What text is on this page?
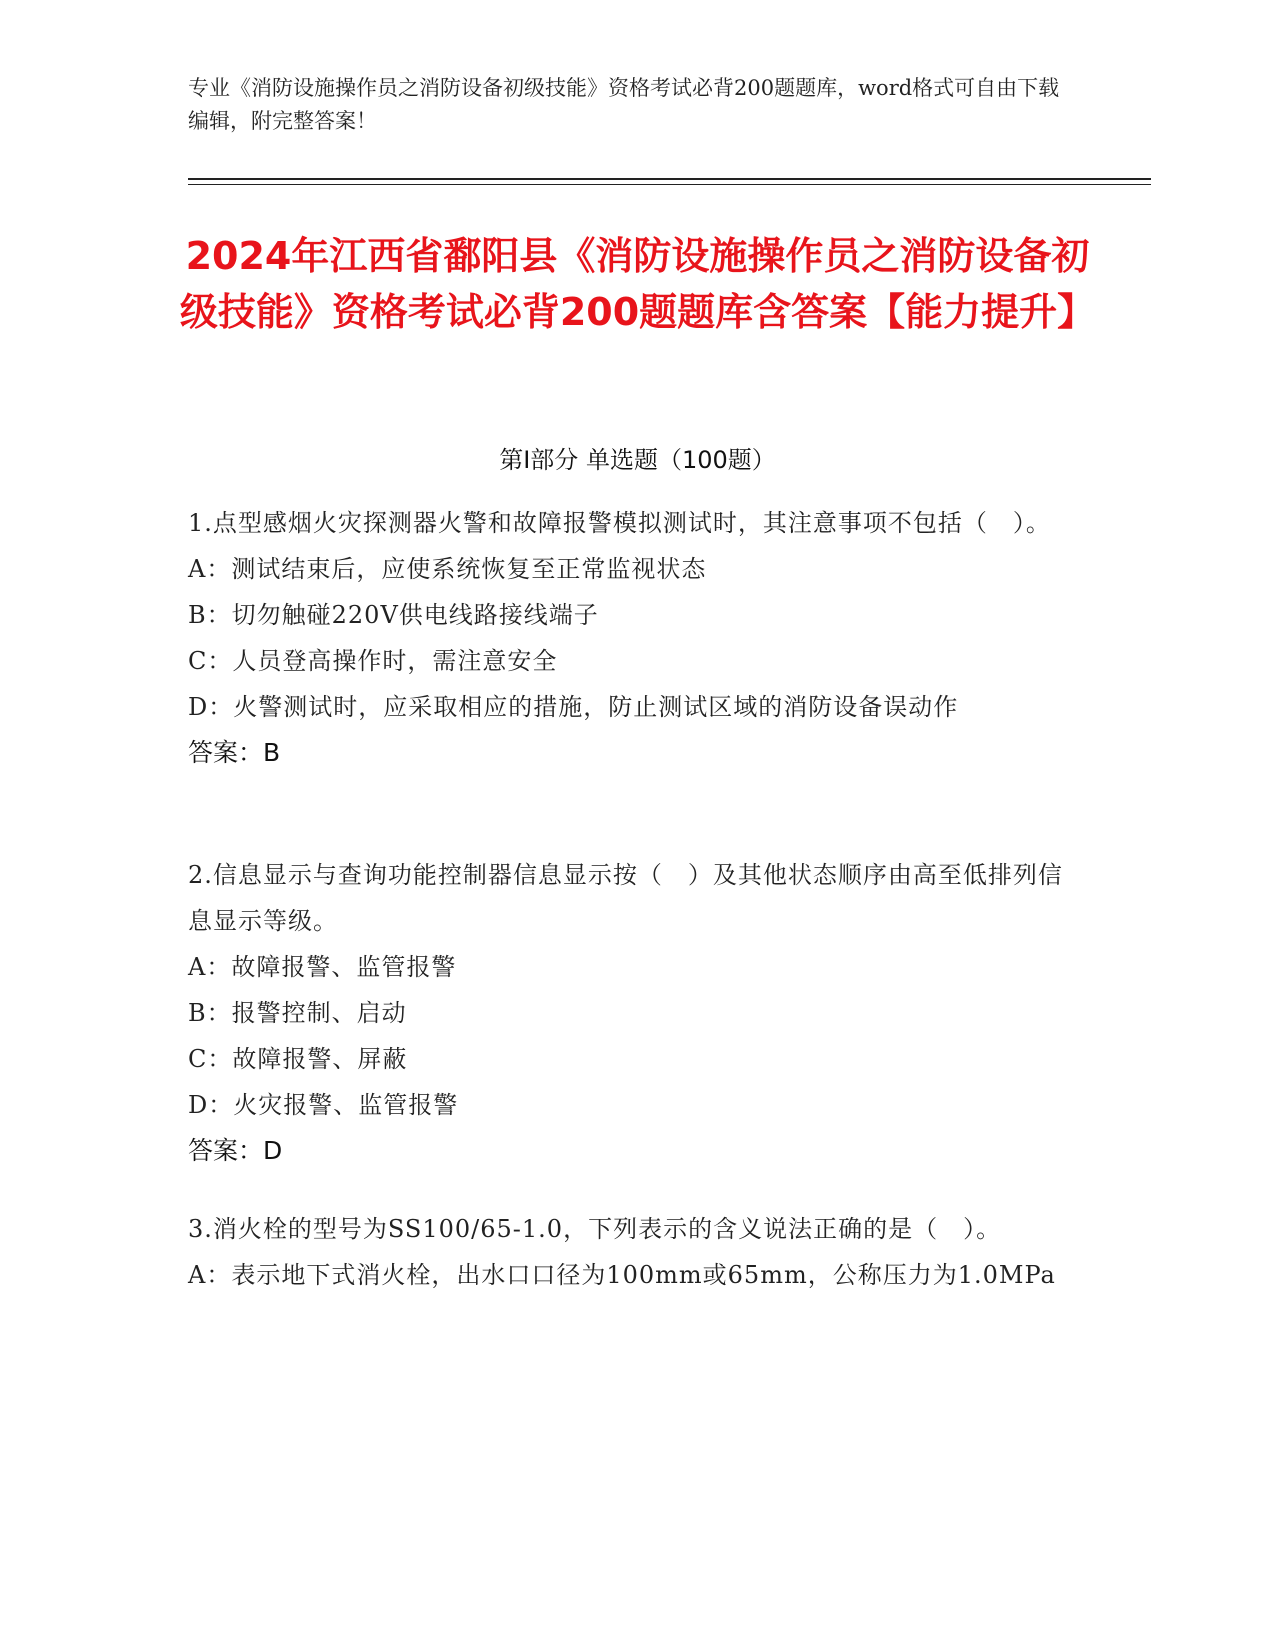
专业《消防设施操作员之消防设备初级技能》资格考试必背200题题库，word格式可自由下载编辑，附完整答案！
2024年江西省鄱阳县《消防设施操作员之消防设备初级技能》资格考试必背200题题库含答案【能力提升】
第Ⅰ部分 单选题（100题）
1.点型感烟火灾探测器火警和故障报警模拟测试时，其注意事项不包括（　）。
A：测试结束后，应使系统恢复至正常监视状态
B：切勿触碰220V供电线路接线端子
C：人员登高操作时，需注意安全
D：火警测试时，应采取相应的措施，防止测试区域的消防设备误动作
答案：B
2.信息显示与查询功能控制器信息显示按（　）及其他状态顺序由高至低排列信息显示等级。
A：故障报警、监管报警
B：报警控制、启动
C：故障报警、屏蔽
D：火灾报警、监管报警
答案：D
3.消火栓的型号为SS100/65-1.0，下列表示的含义说法正确的是（　）。
A：表示地下式消火栓，出水口口径为100mm或65mm，公称压力为1.0MPa
